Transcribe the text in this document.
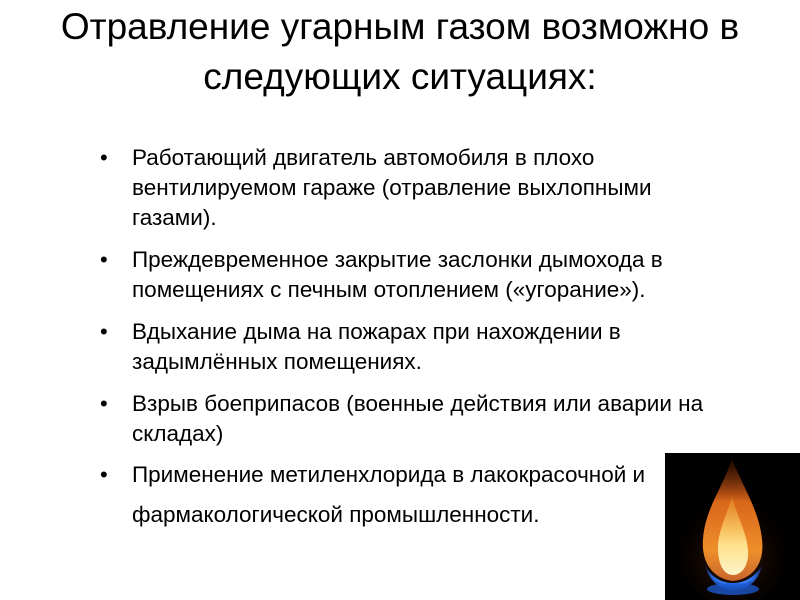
Отравление угарным газом возможно в следующих ситуациях:
• Работающий двигатель автомобиля в плохо вентилируемом гараже (отравление выхлопными газами).
• Преждевременное закрытие заслонки дымохода в помещениях с печным отоплением («угорание»).
• Вдыхание дыма на пожарах при нахождении в задымлённых помещениях.
• Взрыв боеприпасов (военные действия или аварии на складах)
• Применение метиленхлорида в лакокрасочной и фармакологической промышленности.
